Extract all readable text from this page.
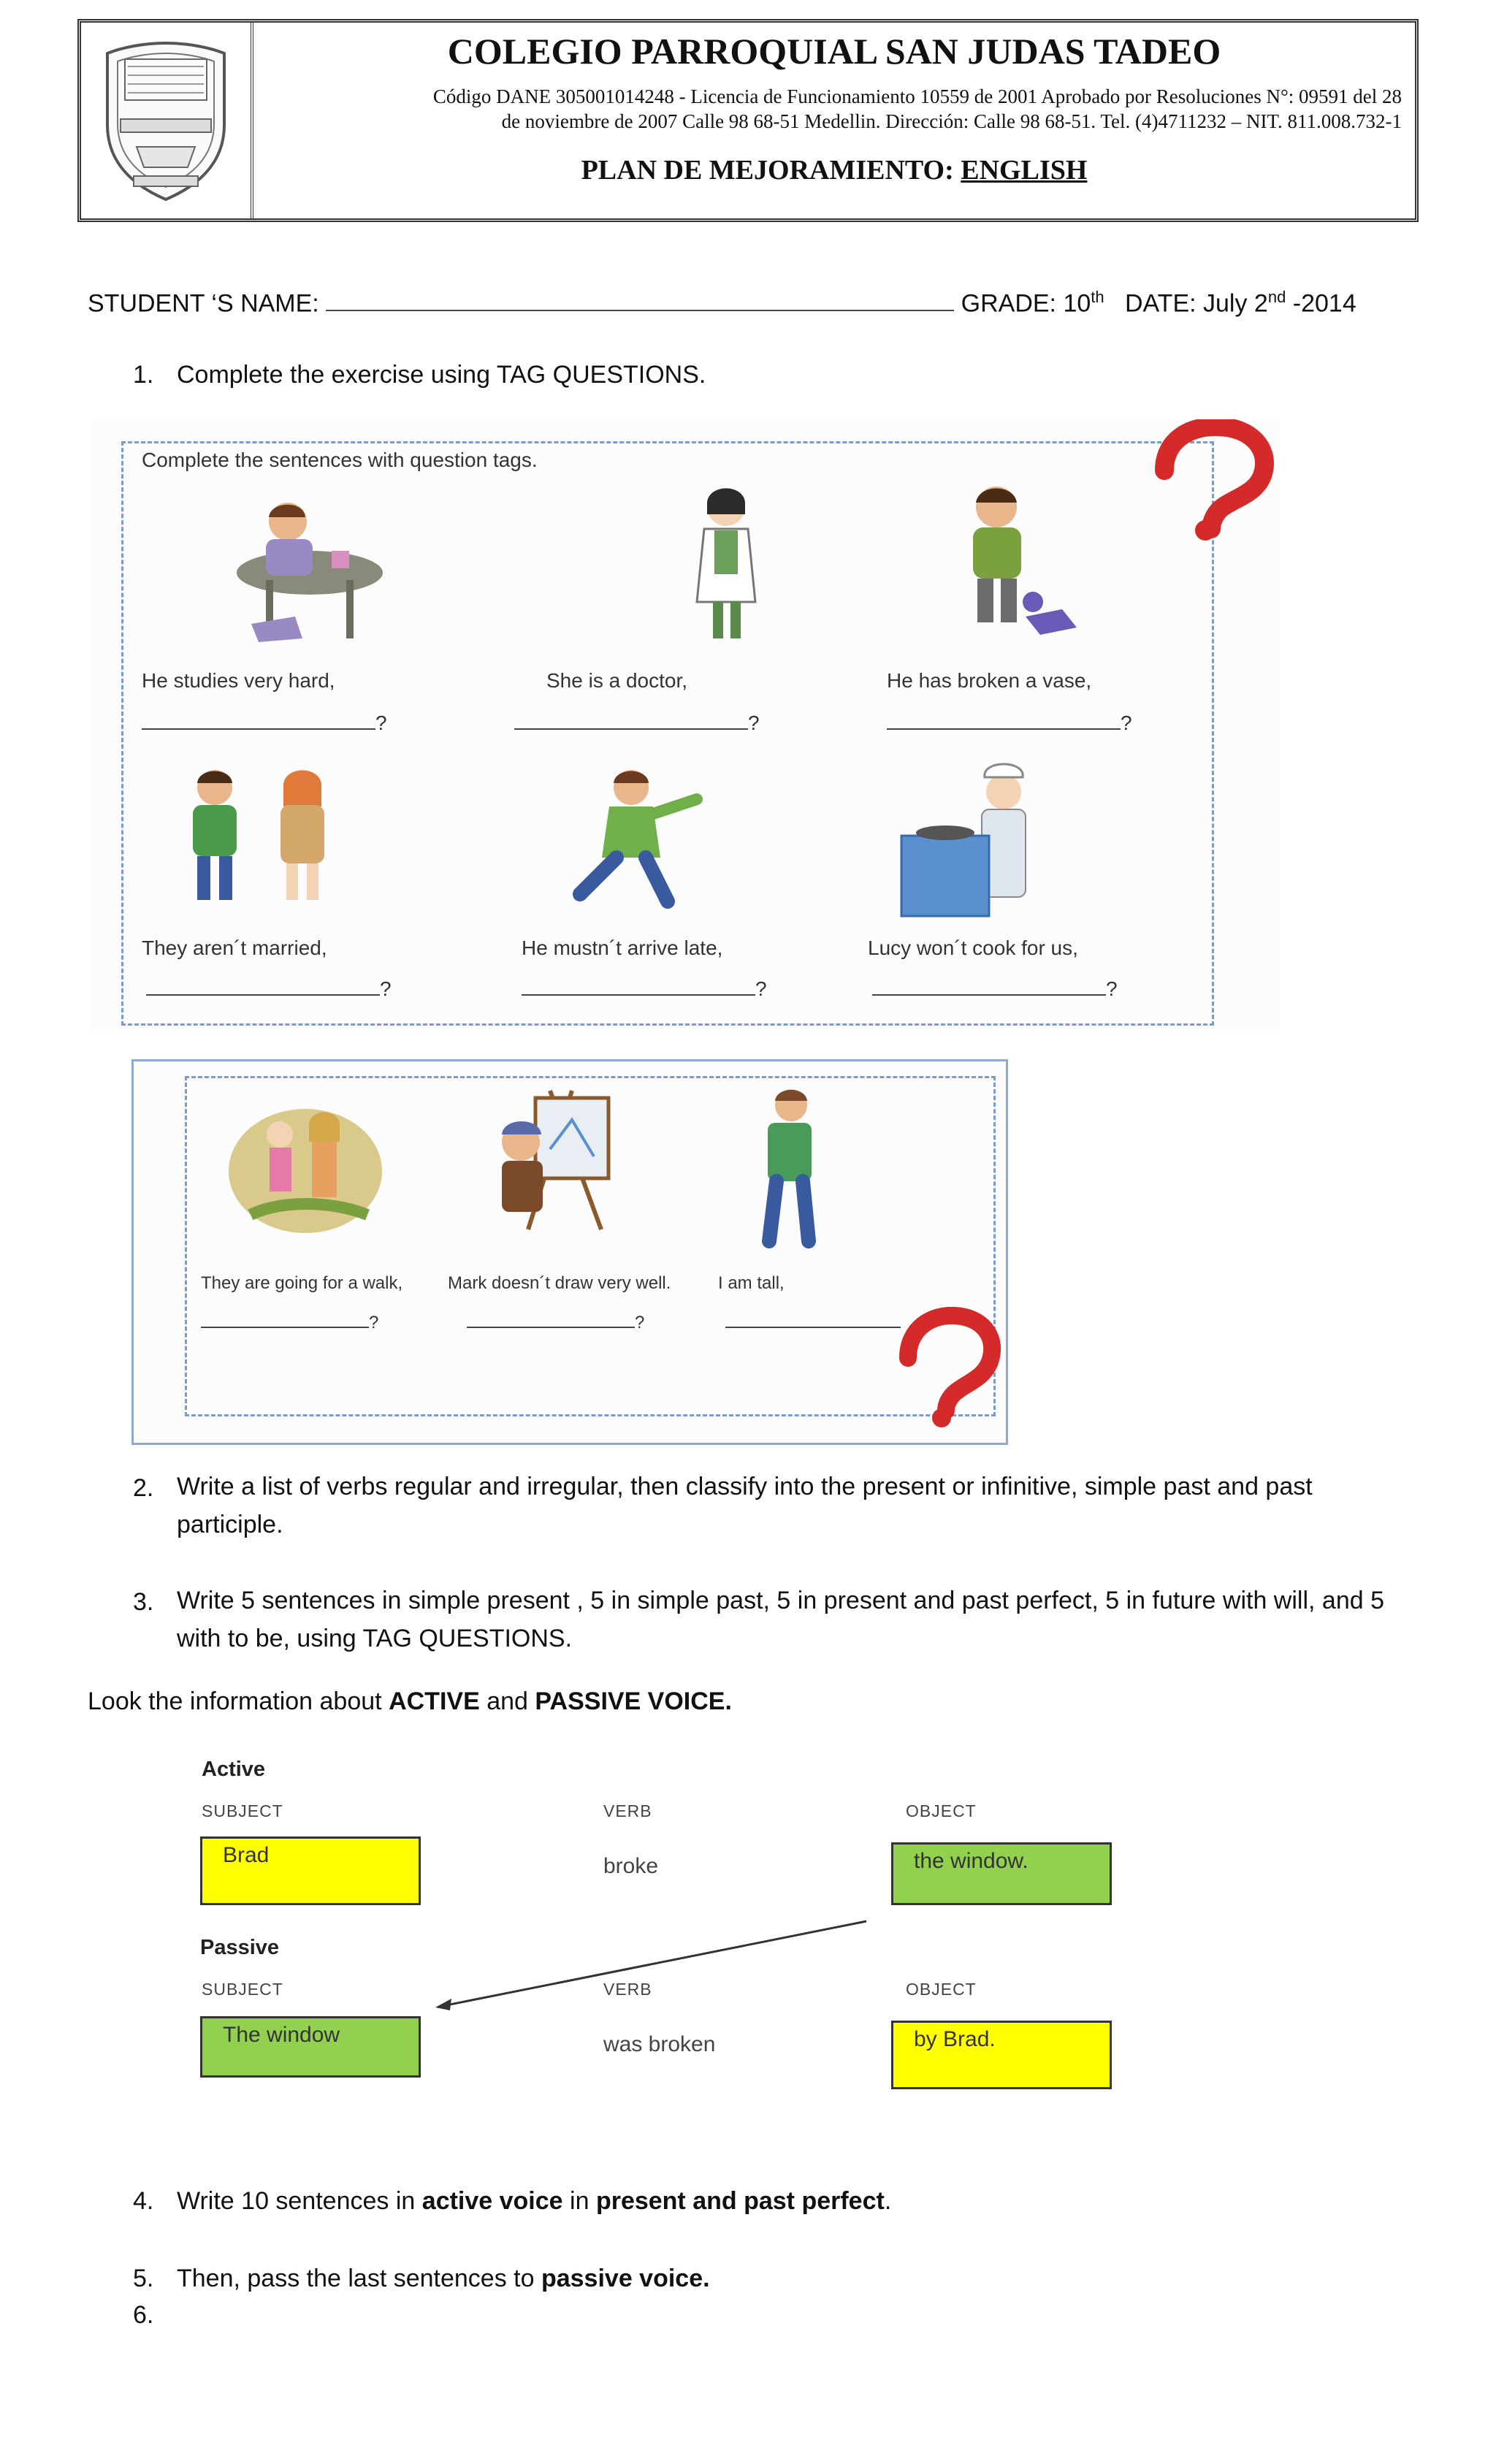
COLEGIO PARROQUIAL SAN JUDAS TADEO
Código DANE 305001014248 - Licencia de Funcionamiento 10559 de 2001 Aprobado por Resoluciones N°: 09591 del 28
de noviembre de 2007 Calle 98 68-51 Medellin. Dirección: Calle 98 68-51. Tel. (4)4711232 – NIT. 811.008.732-1
PLAN DE MEJORAMIENTO: ENGLISH
STUDENT ‘S NAME:	GRADE: 10th DATE: July 2nd -2014
1. Complete the exercise using TAG QUESTIONS.
Complete the sentences with question tags.
He studies very hard,	She is a doctor,	He has broken a vase,
?	?	?
They aren´t married,	He mustn´t arrive late,	Lucy won´t cook for us,
?	?	?
They are going for a walk,	Mark doesn´t draw very well.	I am tall,
?	?
2. Write a list of verbs regular and irregular, then classify into the present or infinitive, simple past and past participle.
3. Write 5 sentences in simple present , 5 in simple past, 5 in present and past perfect, 5 in future with will, and 5 with to be, using TAG QUESTIONS.
Look the information about ACTIVE and PASSIVE VOICE.
Active
SUBJECT	VERB	OBJECT
Brad	broke	the window.
Passive
SUBJECT	VERB	OBJECT
The window	was broken	by Brad.
4. Write 10 sentences in active voice in present and past perfect.
5. Then, pass the last sentences to passive voice.
6.
